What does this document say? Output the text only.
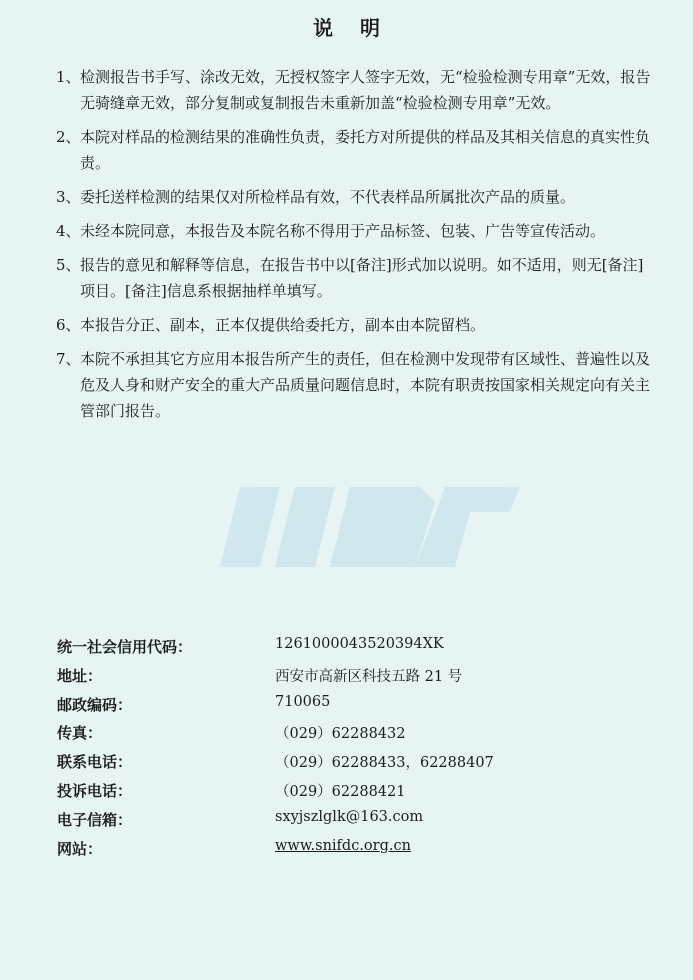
说 明
1、 检测报告书手写、涂改无效，无授权签字人签字无效，无“检验检测专用章”无效，报告无骑缝章无效，部分复制或复制报告未重新加盖“检验检测专用章”无效。
2、 本院对样品的检测结果的准确性负责，委托方对所提供的样品及其相关信息的真实性负责。
3、 委托送样检测的结果仅对所检样品有效，不代表样品所属批次产品的质量。
4、 未经本院同意，本报告及本院名称不得用于产品标签、包装、广告等宣传活动。
5、 报告的意见和解释等信息，在报告书中以[备注]形式加以说明。如不适用，则无[备注]项目。[备注]信息系根据抽样单填写。
6、 本报告分正、副本，正本仅提供给委托方，副本由本院留档。
7、 本院不承担其它方应用本报告所产生的责任，但在检测中发现带有区域性、普遍性以及危及人身和财产安全的重大产品质量问题信息时，本院有职责按国家相关规定向有关主管部门报告。
统一社会信用代码：	1261000043520394XK
地址：	西安市高新区科技五路 21 号
邮政编码：	710065
传真：	（029）62288432
联系电话：	（029）62288433，62288407
投诉电话：	（029）62288421
电子信箱：	sxyjszlglk@163.com
网站：	www.snifdc.org.cn
